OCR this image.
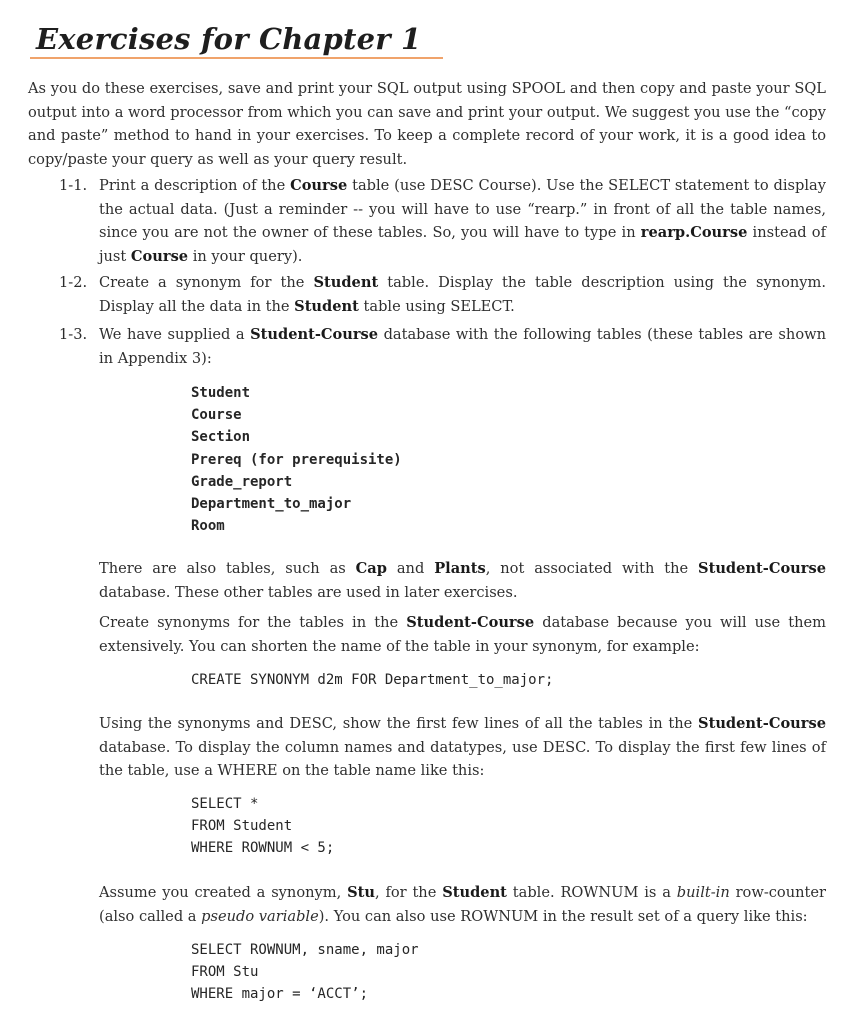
Exercises for Chapter 1

As you do these exercises, save and print your SQL output using SPOOL and then copy and paste your SQL output into a word processor from which you can save and print your output. We suggest you use the “copy and paste” method to hand in your exercises. To keep a complete record of your work, it is a good idea to copy/paste your query as well as your query result.

1-1. Print a description of the Course table (use DESC Course). Use the SELECT statement to display the actual data. (Just a reminder -- you will have to use “rearp.” in front of all the table names, since you are not the owner of these tables. So, you will have to type in rearp.Course instead of just Course in your query).

1-2. Create a synonym for the Student table. Display the table description using the synonym. Display all the data in the Student table using SELECT.

1-3. We have supplied a Student-Course database with the following tables (these tables are shown in Appendix 3):

Student
Course
Section
Prereq (for prerequisite)
Grade_report
Department_to_major
Room

There are also tables, such as Cap and Plants, not associated with the Student-Course database. These other tables are used in later exercises.

Create synonyms for the tables in the Student-Course database because you will use them extensively. You can shorten the name of the table in your synonym, for example:

CREATE SYNONYM d2m FOR Department_to_major;

Using the synonyms and DESC, show the first few lines of all the tables in the Student-Course database. To display the column names and datatypes, use DESC. To display the first few lines of the table, use a WHERE on the table name like this:

SELECT *
FROM Student
WHERE ROWNUM < 5;

Assume you created a synonym, Stu, for the Student table. ROWNUM is a built-in row-counter (also called a pseudo variable). You can also use ROWNUM in the result set of a query like this:

SELECT ROWNUM, sname, major
FROM Stu
WHERE major = ‘ACCT’;
